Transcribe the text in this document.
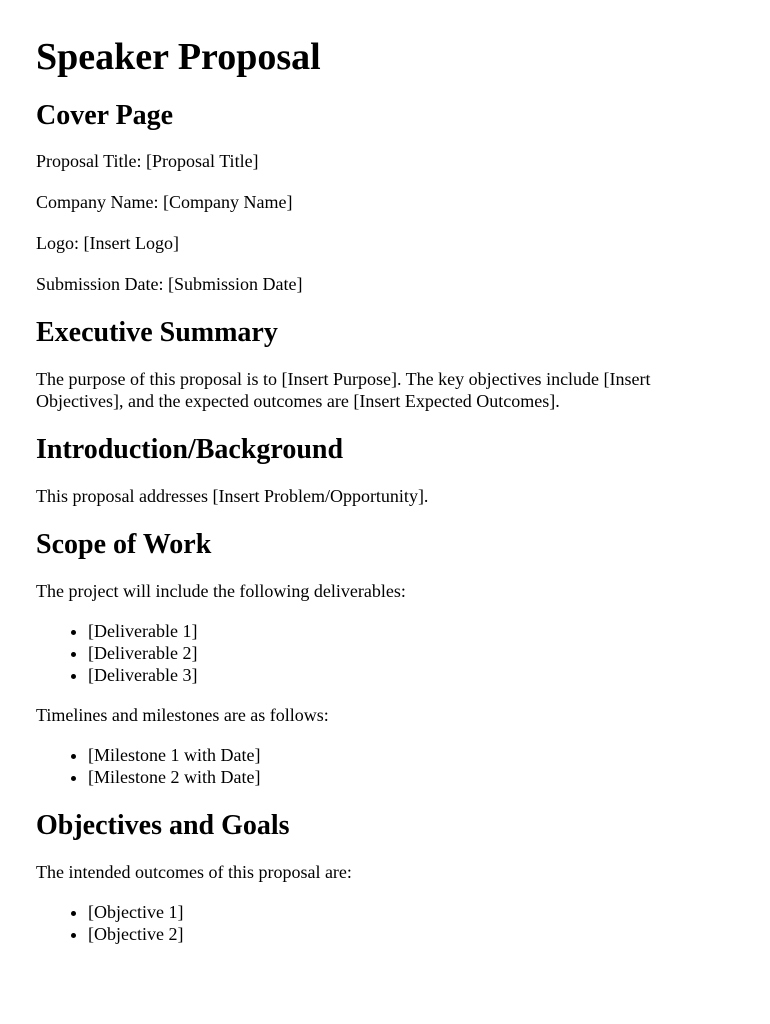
Speaker Proposal
Cover Page

Proposal Title: [Proposal Title]

Company Name: [Company Name]

Logo: [Insert Logo]

Submission Date: [Submission Date]

Executive Summary

The purpose of this proposal is to [Insert Purpose]. The key objectives include [Insert Objectives], and the expected outcomes are [Insert Expected Outcomes].

Introduction/Background

This proposal addresses [Insert Problem/Opportunity].

Scope of Work

The project will include the following deliverables:

• [Deliverable 1]
• [Deliverable 2]
• [Deliverable 3]

Timelines and milestones are as follows:

• [Milestone 1 with Date]
• [Milestone 2 with Date]
Objectives and Goals

The intended outcomes of this proposal are:

• [Objective 1]
• [Objective 2]
